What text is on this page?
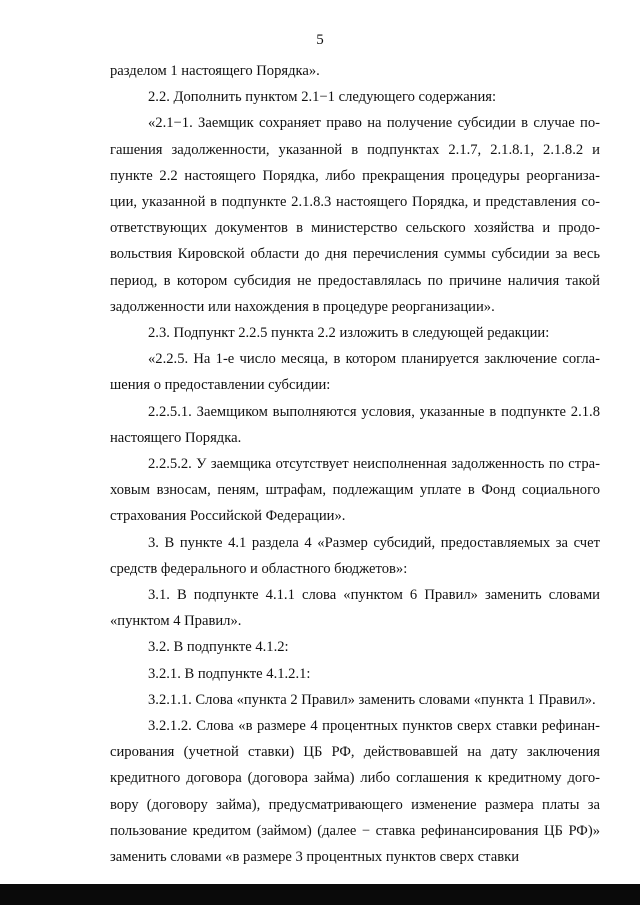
5

разделом 1 настоящего Порядка».

2.2. Дополнить пунктом 2.1−1 следующего содержания:

«2.1−1. Заемщик сохраняет право на получение субсидии в случае погашения задолженности, указанной в подпунктах 2.1.7, 2.1.8.1, 2.1.8.2 и пункте 2.2 настоящего Порядка, либо прекращения процедуры реорганизации, указанной в подпункте 2.1.8.3 настоящего Порядка, и представления соответствующих документов в министерство сельского хозяйства и продовольствия Кировской области до дня перечисления суммы субсидии за весь период, в котором субсидия не предоставлялась по причине наличия такой задолженности или нахождения в процедуре реорганизации».

2.3. Подпункт 2.2.5 пункта 2.2 изложить в следующей редакции:

«2.2.5. На 1-е число месяца, в котором планируется заключение соглашения о предоставлении субсидии:

2.2.5.1. Заемщиком выполняются условия, указанные в подпункте 2.1.8 настоящего Порядка.

2.2.5.2. У заемщика отсутствует неисполненная задолженность по страховым взносам, пеням, штрафам, подлежащим уплате в Фонд социального страхования Российской Федерации».

3. В пункте 4.1 раздела 4 «Размер субсидий, предоставляемых за счет средств федерального и областного бюджетов»:

3.1. В подпункте 4.1.1 слова «пунктом 6 Правил» заменить словами «пунктом 4 Правил».

3.2. В подпункте 4.1.2:

3.2.1. В подпункте 4.1.2.1:

3.2.1.1. Слова «пункта 2 Правил» заменить словами «пункта 1 Правил».

3.2.1.2. Слова «в размере 4 процентных пунктов сверх ставки рефинансирования (учетной ставки) ЦБ РФ, действовавшей на дату заключения кредитного договора (договора займа) либо соглашения к кредитному договору (договору займа), предусматривающего изменение размера платы за пользование кредитом (займом) (далее − ставка рефинансирования ЦБ РФ)» заменить словами «в размере 3 процентных пунктов сверх ставки
